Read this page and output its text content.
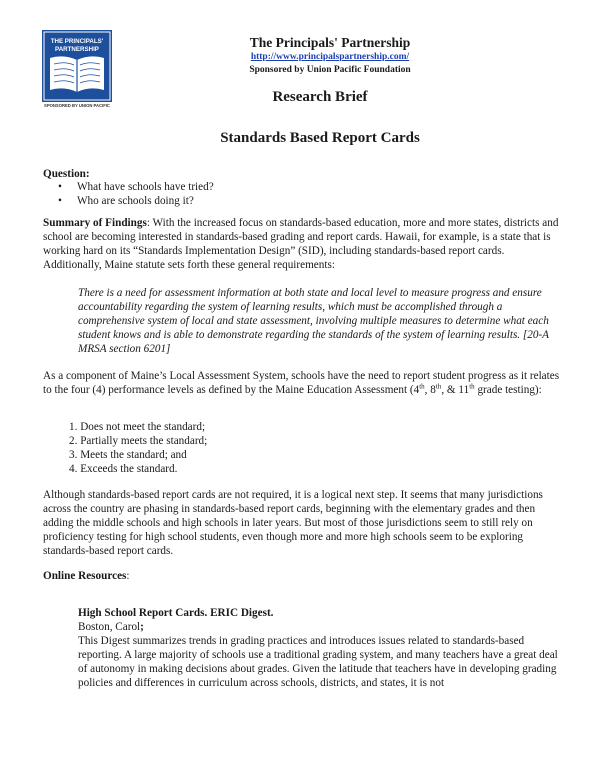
THE PRINCIPALS'
PARTNERSHIP
SPONSORED BY UNION PACIFIC
The Principals' Partnership
http://www.principalspartnership.com/
Sponsored by Union Pacific Foundation
Research Brief
Standards Based Report Cards
Question:
• What have schools have tried?
• Who are schools doing it?
Summary of Findings: With the increased focus on standards-based education, more and more states, districts and school are becoming interested in standards-based grading and report cards. Hawaii, for example, is a state that is working hard on its “Standards Implementation Design” (SID), including standards-based report cards. Additionally, Maine statute sets forth these general requirements:
There is a need for assessment information at both state and local level to measure progress and ensure accountability regarding the system of learning results, which must be accomplished through a comprehensive system of local and state assessment, involving multiple measures to determine what each student knows and is able to demonstrate regarding the standards of the system of learning results. [20-A MRSA section 6201]
As a component of Maine’s Local Assessment System, schools have the need to report student progress as it relates to the four (4) performance levels as defined by the Maine Education Assessment (4th, 8th, & 11th grade testing):
1. Does not meet the standard;
2. Partially meets the standard;
3. Meets the standard; and
4. Exceeds the standard.
Although standards-based report cards are not required, it is a logical next step. It seems that many jurisdictions across the country are phasing in standards-based report cards, beginning with the elementary grades and then adding the middle schools and high schools in later years. But most of those jurisdictions seem to still rely on proficiency testing for high school students, even though more and more high schools seem to be exploring standards-based report cards.
Online Resources:
High School Report Cards. ERIC Digest.
Boston, Carol;
This Digest summarizes trends in grading practices and introduces issues related to standards-based reporting. A large majority of schools use a traditional grading system, and many teachers have a great deal of autonomy in making decisions about grades. Given the latitude that teachers have in developing grading policies and differences in curriculum across schools, districts, and states, it is not
